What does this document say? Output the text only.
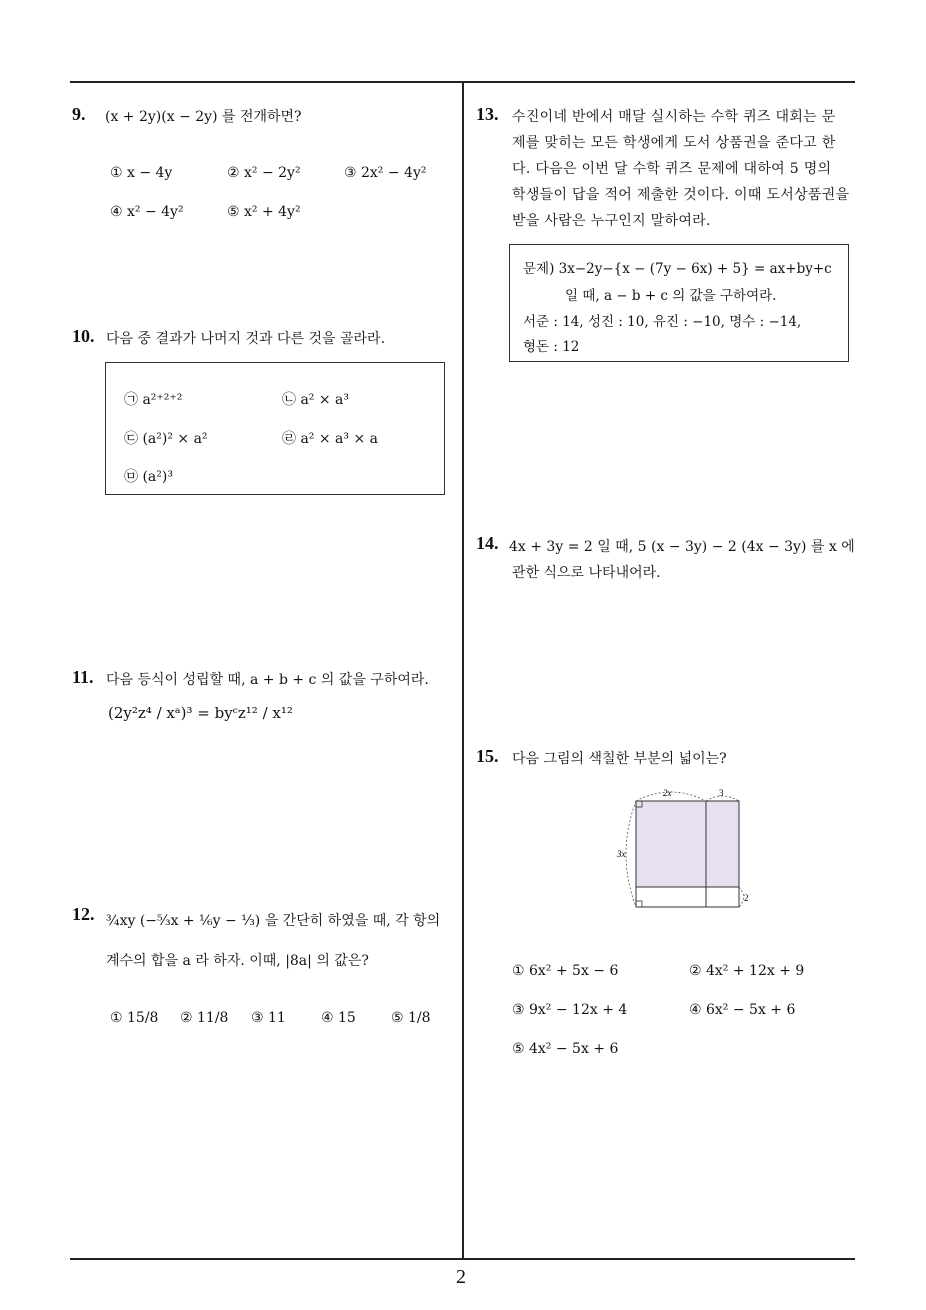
9. (x + 2y)(x − 2y) 를 전개하면?
① x − 4y	② x² − 2y²	③ 2x² − 4y²
④ x² − 4y²	⑤ x² + 4y²
10. 다음 중 결과가 나머지 것과 다른 것을 골라라.
㉠ a²⁺²⁺²	㉡ a² × a³
㉢ (a²)² × a²	㉣ a² × a³ × a
㉤ (a²)³
11. 다음 등식이 성립할 때, a + b + c 의 값을 구하여라.
(2y²z⁴ / xᵃ)³ = byᶜz¹² / x¹²
12. ¾xy (−⁵⁄₃x + ¹⁄₆y − ⅓) 을 간단히 하였을 때, 각 항의
계수의 합을 a 라 하자. 이때, |8a| 의 값은?
① 15/8 ② 11/8 ③ 11	④ 15	⑤ 1/8
13. 수진이네 반에서 매달 실시하는 수학 퀴즈 대회는 문
제를 맞히는 모든 학생에게 도서 상품권을 준다고 한
다. 다음은 이번 달 수학 퀴즈 문제에 대하여 5 명의
학생들이 답을 적어 제출한 것이다. 이때 도서상품권을
받을 사람은 누구인지 말하여라.
문제) 3x−2y−{x − (7y − 6x) + 5} = ax+by+c
일 때, a − b + c 의 값을 구하여라.
서준 : 14, 성진 : 10, 유진 : −10, 명수 : −14,
형돈 : 12
14. 4x + 3y = 2 일 때, 5 (x − 3y) − 2 (4x − 3y) 를 x 에
관한 식으로 나타내어라.
15. 다음 그림의 색칠한 부분의 넓이는?
2x	3
3x
2
① 6x² + 5x − 6	② 4x² + 12x + 9
③ 9x² − 12x + 4	④ 6x² − 5x + 6
⑤ 4x² − 5x + 6
2
